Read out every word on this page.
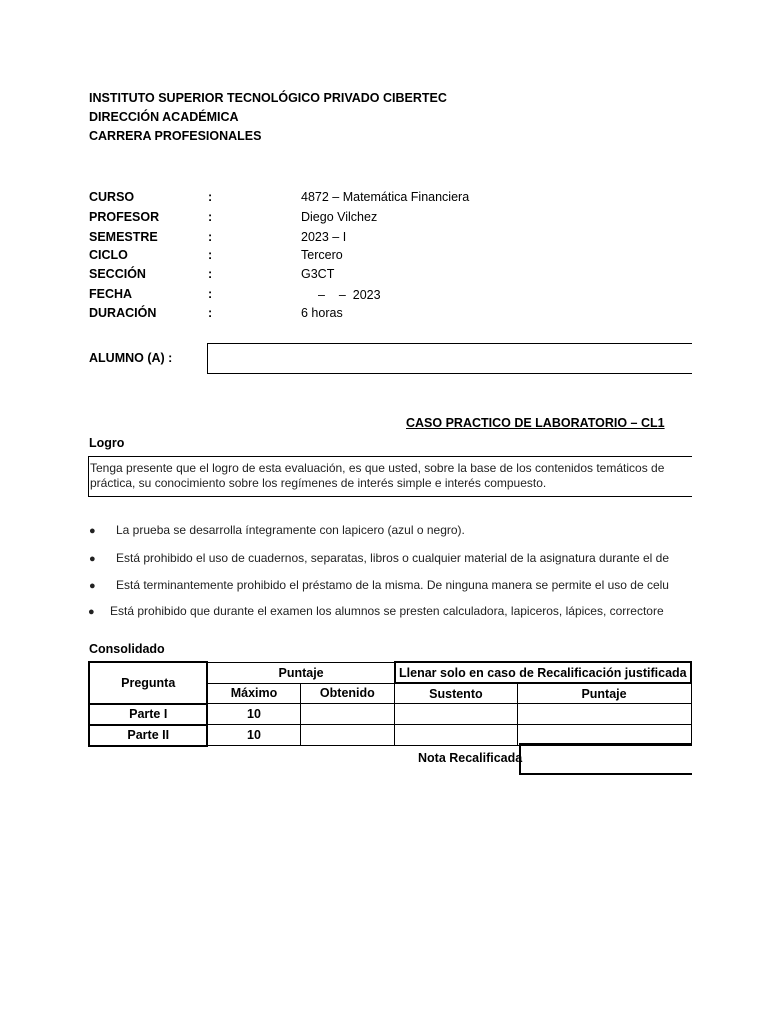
INSTITUTO SUPERIOR TECNOLÓGICO PRIVADO CIBERTEC
DIRECCIÓN ACADÉMICA
CARRERA PROFESIONALES
CURSO	:	4872 – Matemática Financiera
PROFESOR	:	Diego Vilchez
SEMESTRE	:	2023 – I
CICLO	:	Tercero
SECCIÓN	:	G3CT
FECHA	:	–    –  2023
DURACIÓN	:	6 horas
ALUMNO (A) :
CASO PRACTICO DE LABORATORIO – CL1
Logro
Tenga presente que el logro de esta evaluación, es que usted, sobre la base de los contenidos temáticos de
práctica, su conocimiento sobre los regímenes de interés simple e interés compuesto.
● La prueba se desarrolla íntegramente con lapicero (azul o negro).
● Está prohibido el uso de cuadernos, separatas, libros o cualquier material de la asignatura durante el de
● Está terminantemente prohibido el préstamo de la misma. De ninguna manera se permite el uso de celu
● Está prohibido que durante el examen los alumnos se presten calculadora, lapiceros, lápices, correctore
Consolidado
Pregunta	Puntaje		Llenar solo en caso de Recalificación justificada	
	Máximo	Obtenido	Sustento	Puntaje
Parte I	10			
Parte II	10			
Nota Recalificada
